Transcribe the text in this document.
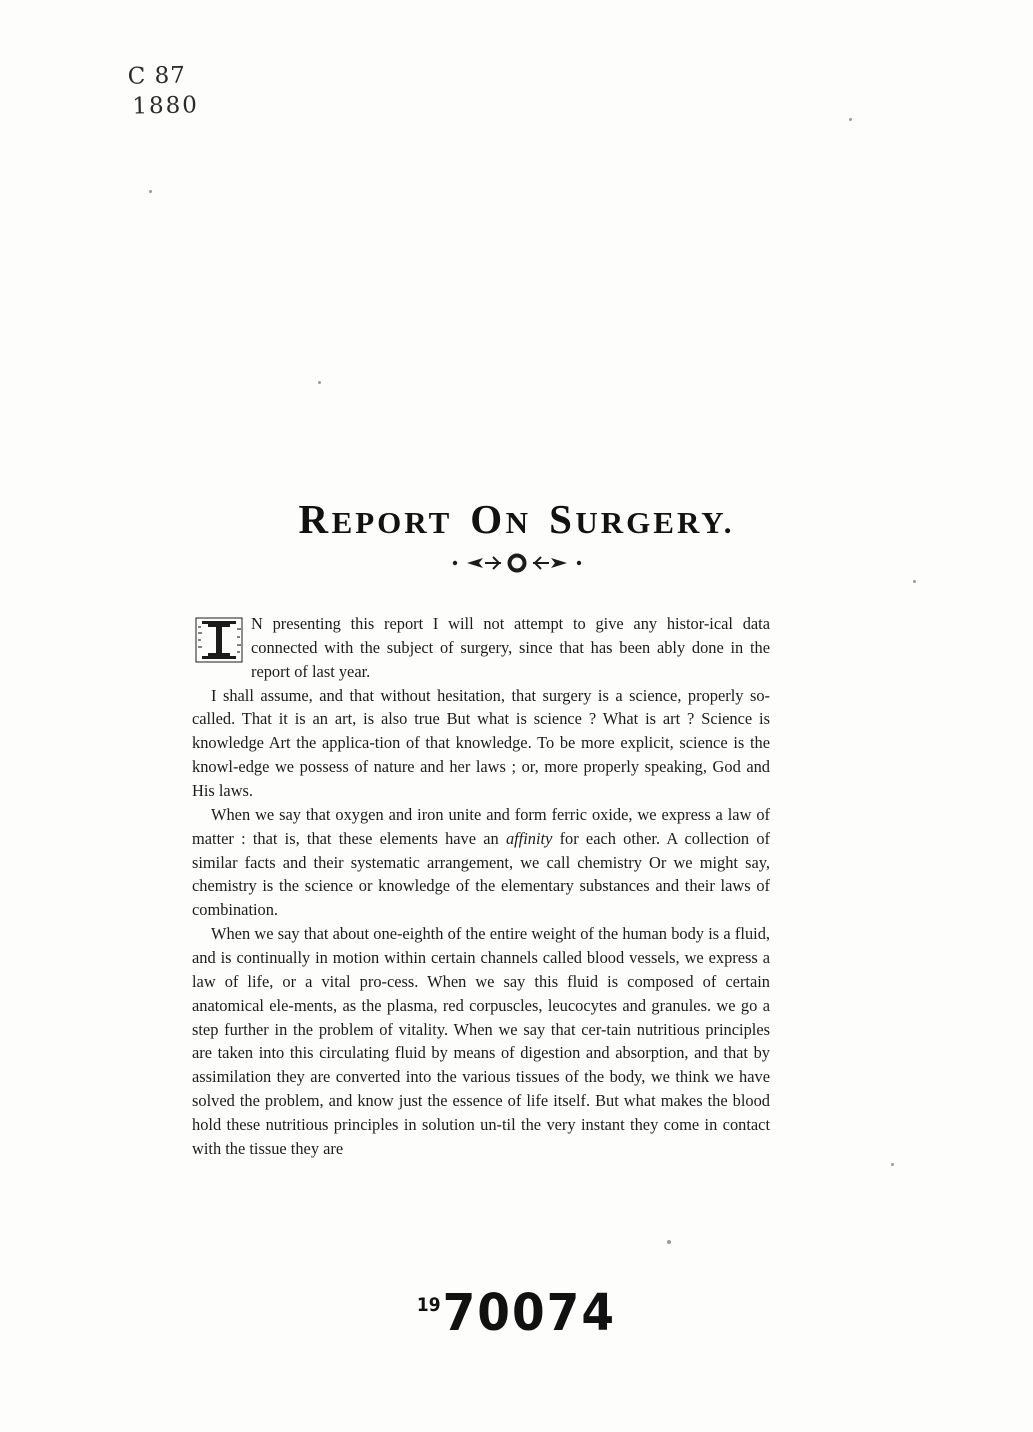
C 87
1880
REPORT ON SURGERY.

N presenting this report I will not attempt to give any histor-ical data connected with the subject of surgery, since that has been ably done in the report of last year.

I shall assume, and that without hesitation, that surgery is a science, properly so-called. That it is an art, is also true But what is science ? What is art ? Science is knowledge Art the applica-tion of that knowledge. To be more explicit, science is the knowl-edge we possess of nature and her laws ; or, more properly speaking, God and His laws.

When we say that oxygen and iron unite and form ferric oxide, we express a law of matter : that is, that these elements have an affinity for each other. A collection of similar facts and their systematic arrangement, we call chemistry Or we might say, chemistry is the science or knowledge of the elementary substances and their laws of combination.

When we say that about one-eighth of the entire weight of the human body is a fluid, and is continually in motion within certain channels called blood vessels, we express a law of life, or a vital pro-cess. When we say this fluid is composed of certain anatomical ele-ments, as the plasma, red corpuscles, leucocytes and granules. we go a step further in the problem of vitality. When we say that cer-tain nutritious principles are taken into this circulating fluid by means of digestion and absorption, and that by assimilation they are converted into the various tissues of the body, we think we have solved the problem, and know just the essence of life itself. But what makes the blood hold these nutritious principles in solution un-til the very instant they come in contact with the tissue they are

$^{19}$70074
